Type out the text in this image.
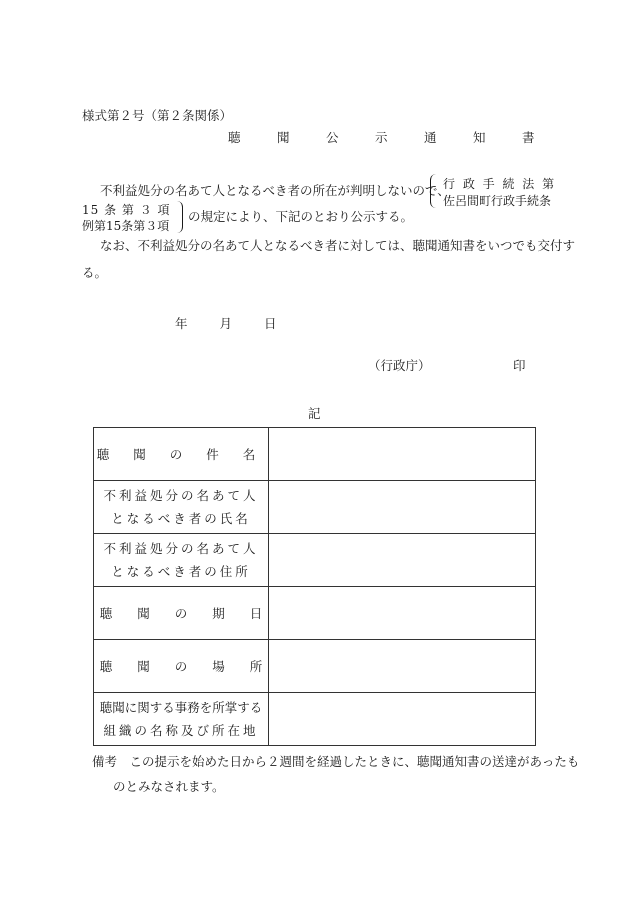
様式第２号（第２条関係）
聴　聞　公　示　通　知　書
不利益処分の名あて人となるべき者の所在が判明しないので、
行 政 手 続 法 第
佐呂間町行政手続条
15 条 第 ３ 項
例第15条第３項
の規定により、下記のとおり公示する。
なお、不利益処分の名あて人となるべき者に対しては、聴聞通知書をいつでも交付す
る。
年	月	日
（行政庁）	印
記
聴 聞 の 件 名	

不利益処分の名あて人
となるべき者の氏名	

不利益処分の名あて人
となるべき者の住所	

聴　　聞　　の　　期　　日	
聴　　聞　　の　　場　　所	

聴聞に関する事務を所掌する
組織の名称及び所在地	

備考　この提示を始めた日から２週間を経過したときに、聴聞通知書の送達があったも
のとみなされます。
